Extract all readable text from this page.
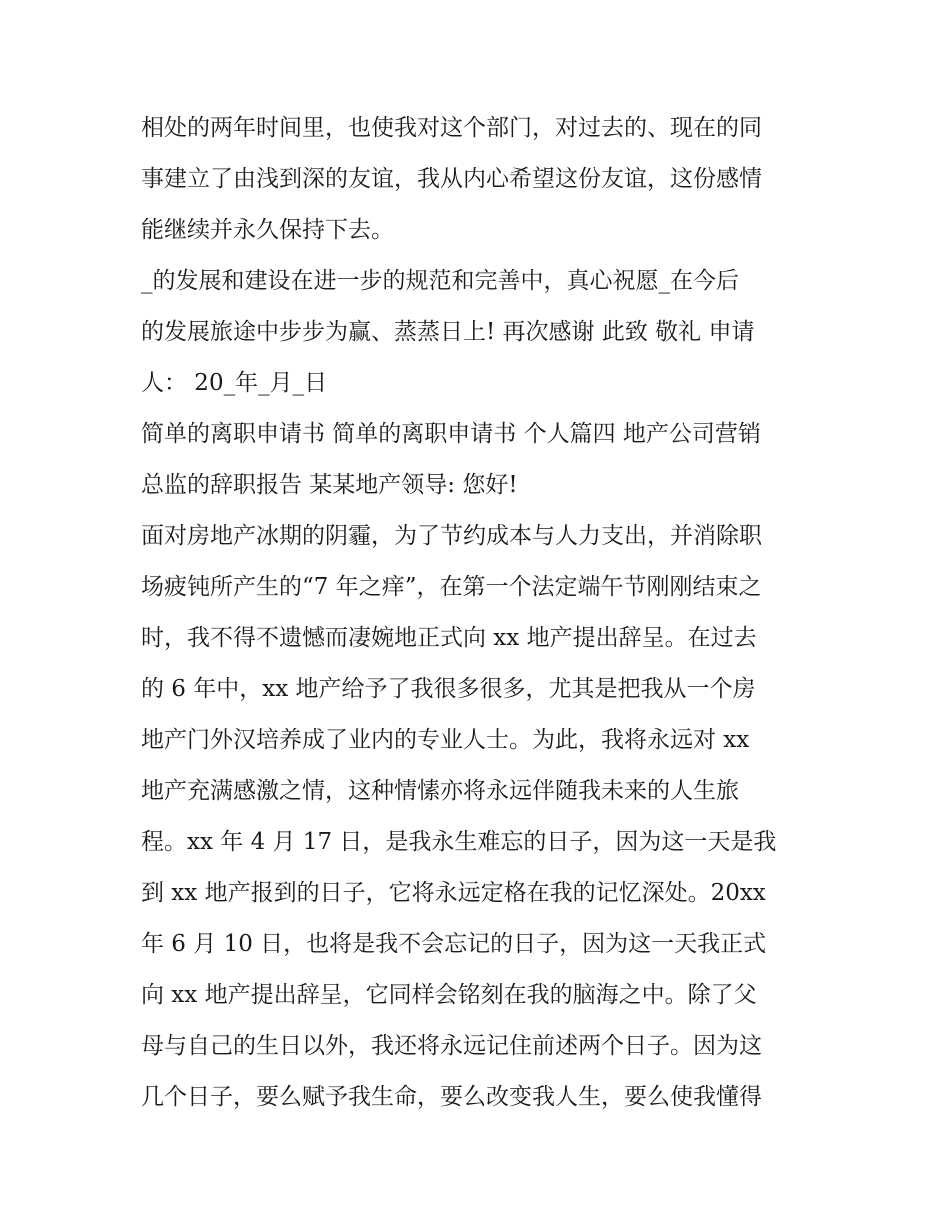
相处的两年时间里，也使我对这个部门，对过去的、现在的同
事建立了由浅到深的友谊，我从内心希望这份友谊，这份感情
能继续并永久保持下去。
_的发展和建设在进一步的规范和完善中，真心祝愿_在今后
的发展旅途中步步为赢、蒸蒸日上! 再次感谢 此致 敬礼 申请
人： 20_年_月_日
简单的离职申请书 简单的离职申请书 个人篇四 地产公司营销
总监的辞职报告 某某地产领导: 您好!
面对房地产冰期的阴霾，为了节约成本与人力支出，并消除职
场疲钝所产生的“7 年之痒”，在第一个法定端午节刚刚结束之
时，我不得不遗憾而凄婉地正式向 xx 地产提出辞呈。在过去
的 6 年中，xx 地产给予了我很多很多，尤其是把我从一个房
地产门外汉培养成了业内的专业人士。为此，我将永远对 xx
地产充满感激之情，这种情愫亦将永远伴随我未来的人生旅
程。xx 年 4 月 17 日，是我永生难忘的日子，因为这一天是我
到 xx 地产报到的日子，它将永远定格在我的记忆深处。20xx
年 6 月 10 日，也将是我不会忘记的日子，因为这一天我正式
向 xx 地产提出辞呈，它同样会铭刻在我的脑海之中。除了父
母与自己的生日以外，我还将永远记住前述两个日子。因为这
几个日子，要么赋予我生命，要么改变我人生，要么使我懂得
